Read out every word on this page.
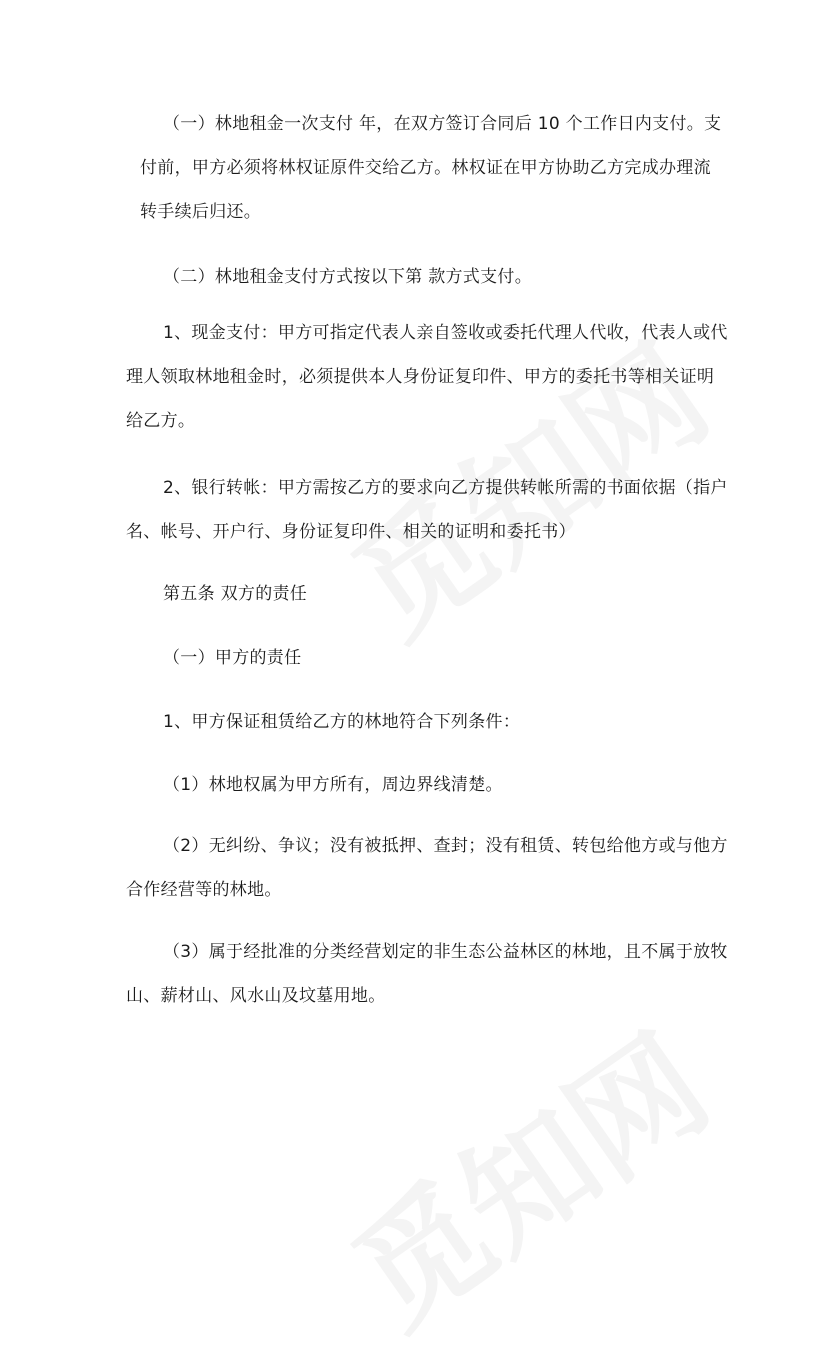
（一）林地租金一次支付 年，在双方签订合同后 10 个工作日内支付。支
付前，甲方必须将林权证原件交给乙方。林权证在甲方协助乙方完成办理流
转手续后归还。
（二）林地租金支付方式按以下第 款方式支付。
1、现金支付：甲方可指定代表人亲自签收或委托代理人代收，代表人或代
理人领取林地租金时，必须提供本人身份证复印件、甲方的委托书等相关证明
给乙方。
2、银行转帐：甲方需按乙方的要求向乙方提供转帐所需的书面依据（指户
名、帐号、开户行、身份证复印件、相关的证明和委托书）
第五条 双方的责任
（一）甲方的责任
1、甲方保证租赁给乙方的林地符合下列条件：
（1）林地权属为甲方所有，周边界线清楚。
（2）无纠纷、争议；没有被抵押、查封；没有租赁、转包给他方或与他方
合作经营等的林地。
（3）属于经批准的分类经营划定的非生态公益林区的林地，且不属于放牧
山、薪材山、风水山及坟墓用地。
